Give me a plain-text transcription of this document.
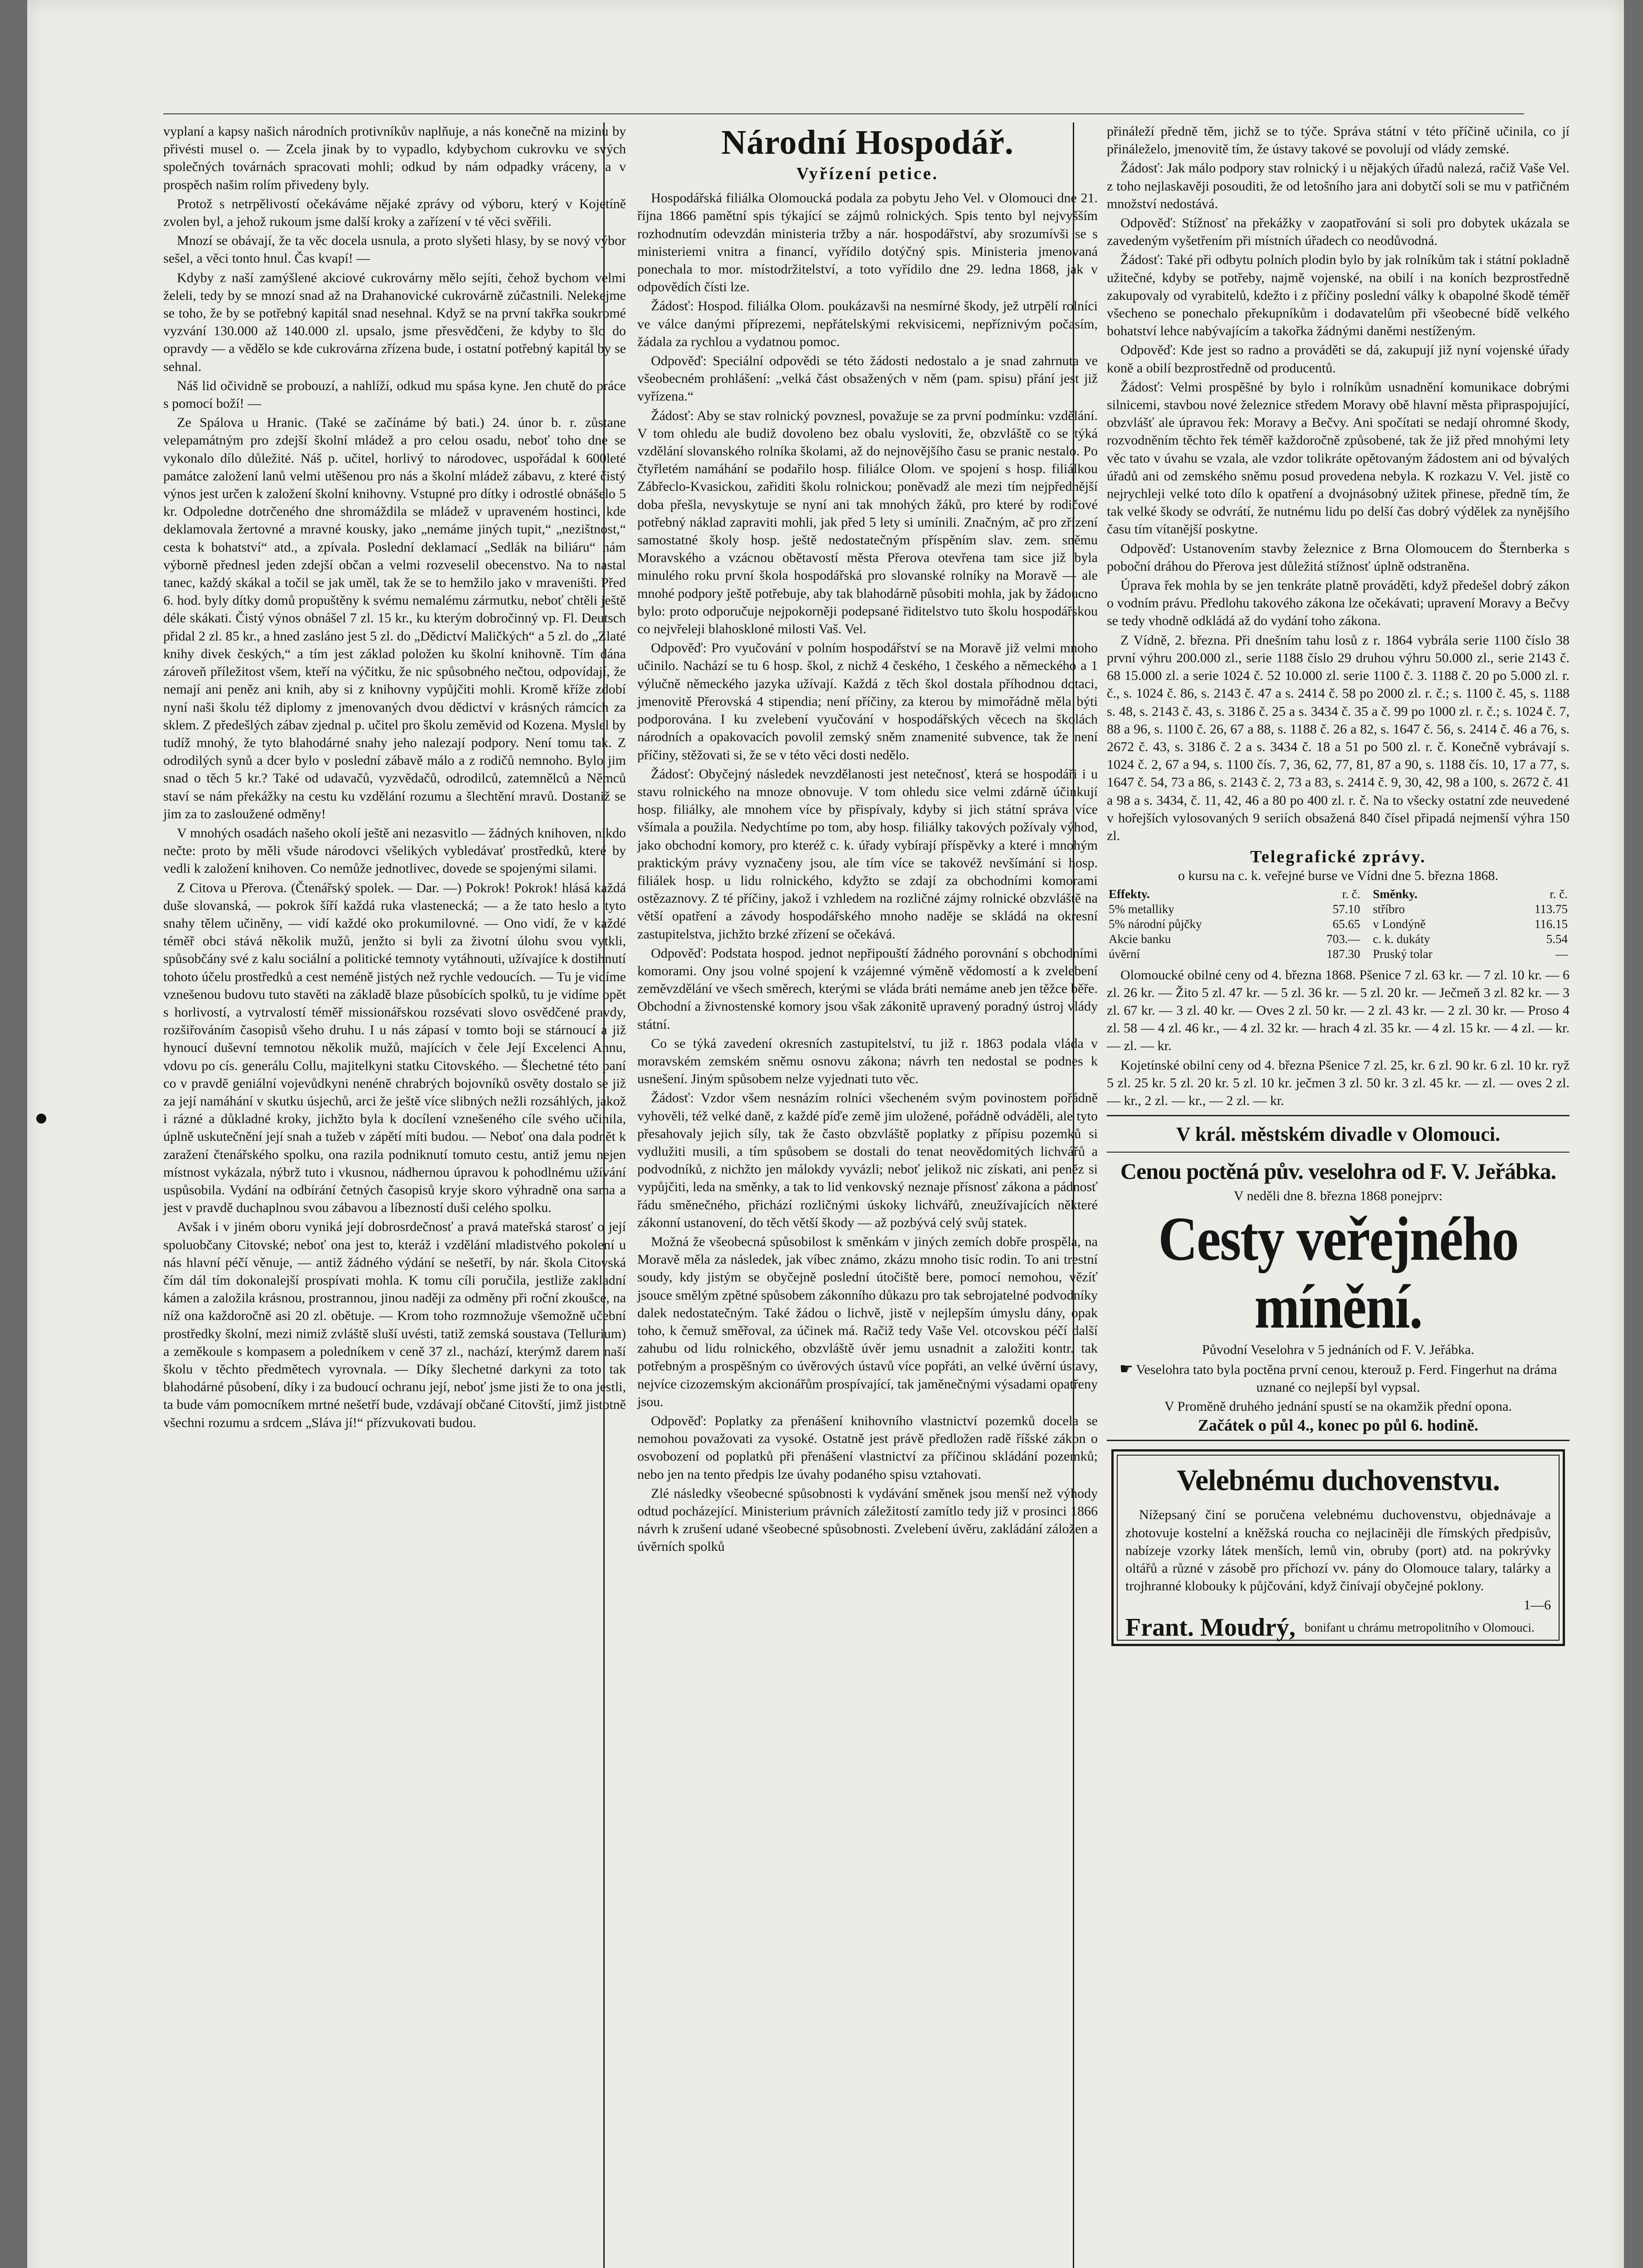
vyplaní a kapsy našich národních protivníkův naplňuje, a nás konečně na mizinu by přivésti musel o. — Zcela jinak by to vypadlo, kdybychom cukrovku ve svých společných továrnách spracovati mohli; odkud by nám odpadky vráceny, a v prospěch našim rolím přivedeny byly.

Protož s netrpělivostí očekáváme nějaké zprávy od výboru, který v Kojetíně zvolen byl, a jehož rukoum jsme další kroky a zařízení v té věci svěřili.

Mnozí se obávají, že ta věc docela usnula, a proto slyšeti hlasy, by se nový výbor sešel, a věci tonto hnul. Čas kvapí! —

Kdyby z naší zamýšlené akciové cukrovárny mělo sejíti, čehož bychom velmi želeli, tedy by se mnozí snad až na Drahanovické cukrovárně zúčastnili. Nelekejme se toho, že by se potřebný kapitál snad nesehnal. Když se na první takřka soukromé vyzvání 130.000 až 140.000 zl. upsalo, jsme přesvědčeni, že kdyby to šlo do opravdy — a vědělo se kde cukrovárna zřízena bude, i ostatní potřebný kapitál by se sehnal.

Náš lid očividně se probouzí, a nahlíží, odkud mu spása kyne. Jen chutě do práce s pomocí boží! —

Ze Spálova u Hranic. (Také se začínáme bý bati.) 24. únor b. r. zůstane velepamátným pro zdejší školní mládež a pro celou osadu, neboť toho dne se vykonalo dílo důležité. Náš p. učitel, horlivý to národovec, uspořádal k 600leté památce založení lanů velmi utěšenou pro nás a školní mládež zábavu, z které čistý výnos jest určen k založení školní knihovny. Vstupné pro dítky i odrostlé obnášelo 5 kr. Odpoledne dotrčeného dne shromáždila se mládež v upraveném hostinci, kde deklamovala žertovné a mravné kousky, jako „nemáme jiných tupit,“ „nezištnost,“ cesta k bohatství“ atd., a zpívala. Poslední deklamací „Sedlák na biliáru“ nám výborně přednesl jeden zdejší občan a velmi rozveselil obecenstvo. Na to nastal tanec, každý skákal a točil se jak uměl, tak že se to hemžilo jako v mraveništi. Před 6. hod. byly dítky domů propuštěny k svému nemalému zármutku, neboť chtěli ještě déle skákati. Čistý výnos obnášel 7 zl. 15 kr., ku kterým dobročinný vp. Fl. Deutsch přidal 2 zl. 85 kr., a hned zasláno jest 5 zl. do „Dědictví Maličkých“ a 5 zl. do „Zlaté knihy divek českých,“ a tím jest základ položen ku školní knihovně. Tím dána zároveň příležitost všem, kteří na výčitku, že nic spůsobného nečtou, odpovídají, že nemají ani peněz ani knih, aby si z knihovny vypůjčiti mohli. Kromě kříže zdobí nyní naši školu též diplomy z jmenovaných dvou dědictví v krásných rámcích za sklem. Z předešlých zábav zjednal p. učitel pro školu zeměvid od Kozena. Myslel by tudíž mnohý, že tyto blahodárné snahy jeho nalezají podpory. Není tomu tak. Z odrodilých synů a dcer bylo v poslední zábavě málo a z rodičů nemnoho. Bylo jim snad o těch 5 kr.? Také od udavačů, vyzvědačů, odrodilců, zatemnělců a Němců staví se nám překážky na cestu ku vzdělání rozumu a šlechtění mravů. Dostaniž se jim za to zasloužené odměny!

V mnohých osadách našeho okolí ještě ani nezasvitlo — žádných knihoven, nikdo nečte: proto by měli všude národovci všelikých vybledávať prostředků, které by vedli k založení knihoven. Co nemůže jednotlivec, dovede se spojenými silami.

Z Citova u Přerova. (Čtenářský spolek. — Dar. —) Pokrok! Pokrok! hlásá každá duše slovanská, — pokrok šíří každá ruka vlastenecká; — a že tato heslo a tyto snahy tělem učiněny, — vidí každé oko prokumilovné. — Ono vidí, že v každé téměř obci stává několik mužů, jenžto si byli za životní úlohu svou vytkli, spůsobčány své z kalu sociální a politické temnoty vytáhnouti, užívajíce k dostihnutí tohoto účelu prostředků a cest neméně jistých než rychle vedoucích. — Tu je vidíme vznešenou budovu tuto stavěti na základě blaze působících spolků, tu je vidíme opět s horlivostí, a vytrvalostí téměř missionářskou rozsévati slovo osvědčené pravdy, rozšiřováním časopisů všeho druhu. I u nás zápasí v tomto boji se stárnoucí a již hynoucí duševní temnotou několik mužů, majících v čele Její Excelenci Annu, vdovu po cís. generálu Collu, majitelkyni statku Citovského. — Šlechetné této paní co v pravdě geniální vojevůdkyni nenéně chrabrých bojovníků osvěty dostalo se již za její namáhání v skutku úsjechů, arci že ještě více slibných nežli rozsáhlých, jakož i rázné a důkladné kroky, jichžto byla k docílení vznešeného cíle svého učinila, úplně uskutečnění její snah a tužeb v zápětí míti budou. — Neboť ona dala podnět k zaražení čtenářského spolku, ona razila podniknutí tomuto cestu, antiž jemu nejen místnost vykázala, nýbrž tuto i vkusnou, nádhernou úpravou k pohodlnému užívání uspůsobila. Vydání na odbírání četných časopisů kryje skoro výhradně ona sama a jest v pravdě duchaplnou svou zábavou a líbezností duši celého spolku.

Avšak i v jiném oboru vyniká její dobrosrdečnosť a pravá mateřská starosť o její spoluobčany Citovské; neboť ona jest to, kteráž i vzdělání mladistvého pokolení u nás hlavní péčí věnuje, — antiž žádného výdání se nešetří, by nár. škola Citovská čím dál tím dokonalejší prospívati mohla. K tomu cíli poručila, jestliže zakladní kámen a založila krásnou, prostrannou, jinou naději za odměny při roční zkoušce, na níž ona každoročně asi 20 zl. obětuje. — Krom toho rozmnožuje všemožně učební prostředky školní, mezi nimiž zvláště sluší uvésti, tatiž zemská soustava (Tellurium) a zeměkoule s kompasem a poledníkem v ceně 37 zl., nachází, kterýmž darem naší školu v těchto předmětech vyrovnala. — Díky šlechetné darkyni za toto tak blahodárné působení, díky i za budoucí ochranu její, neboť jsme jisti že to ona jestli, ta bude vám pomocníkem mrtné nešetří bude, vzdávají občané Citovští, jimž jistotně všechni rozumu a srdcem „Sláva jí!“ přízvukovati budou.

Národní Hospodář.
Vyřízení petice.

Hospodářská filiálka Olomoucká podala za pobytu Jeho Vel. v Olomouci dne 21. října 1866 pamětní spis týkající se zájmů rolnických. Spis tento byl nejvyšším rozhodnutím odevzdán ministeria tržby a nár. hospodářství, aby srozumívši se s ministeriemi vnitra a financí, vyřídilo dotýčný spis. Ministeria jmenovaná ponechala to mor. místodržitelství, a toto vyřídilo dne 29. ledna 1868, jak v odpovědích čísti lze.

Žádosť: Hospod. filiálka Olom. poukázavši na nesmírné škody, jež utrpělí rolníci ve válce danými příprezemi, nepřátelskými rekvisicemi, nepříznivým počasím, žádala za rychlou a vydatnou pomoc.

Odpověď: Speciální odpovědi se této žádosti nedostalo a je snad zahrnuta ve všeobecném prohlášení: „velká část obsažených v něm (pam. spisu) přání jest již vyřízena.“

Žádosť: Aby se stav rolnický povznesl, považuje se za první podmínku: vzdělání. V tom ohledu ale budiž dovoleno bez obalu vysloviti, že, obzvláště co se týká vzdělání slovanského rolníka školami, až do nejnovějšího času se pranic nestalo. Po čtyřletém namáhání se podařilo hosp. filiálce Olom. ve spojení s hosp. filiálkou Zábřeclo-Kvasickou, zařiditi školu rolnickou; poněvadž ale mezi tím nejpřednější doba přešla, nevyskytuje se nyní ani tak mnohých žáků, pro které by rodičové potřebný náklad zapraviti mohli, jak před 5 lety si umínili. Značným, ač pro zřízení samostatné školy hosp. ještě nedostatečným příspěním slav. zem. sněmu Moravského a vzácnou obětavostí města Přerova otevřena tam sice již byla minulého roku první škola hospodářská pro slovanské rolníky na Moravě — ale mnohé podpory ještě potřebuje, aby tak blahodárně působiti mohla, jak by žádoucno bylo: proto odporučuje nejpokorněji podepsané řiditelstvo tuto školu hospodářskou co nejvřeleji blahoskloné milosti Vaš. Vel.

Odpověď: Pro vyučování v polním hospodářství se na Moravě již velmi mnoho učinilo. Nachází se tu 6 hosp. škol, z nichž 4 českého, 1 českého a německého a 1 výlučně německého jazyka užívají. Každá z těch škol dostala příhodnou dotaci, jmenovitě Přerovská 4 stipendia; není příčiny, za kterou by mimořádně měla býti podporována. I ku zvelebení vyučování v hospodářských věcech na školách národních a opakovacích povolil zemský sněm znamenité subvence, tak že není příčiny, stěžovati si, že se v této věci dosti nedělo.

Žádosť: Obyčejný následek nevzdělanosti jest netečnosť, která se hospodáři i u stavu rolnického na mnoze obnovuje. V tom ohledu sice velmi zdárně účinkují hosp. filiálky, ale mnohem více by přispívaly, kdyby si jich státní správa více všímala a použila. Nedychtíme po tom, aby hosp. filiálky takových požívaly výhod, jako obchodní komory, pro kteréž c. k. úřady vybírají příspěvky a které i mnohým praktickým právy vyznačeny jsou, ale tím více se takovéž nevšímání si hosp. filiálek hosp. u lidu rolnického, kdyžto se zdají za obchodními komorami ostězaznovy. Z té příčiny, jakož i vzhledem na rozličné zájmy rolnické obzvláště na větší opatření a závody hospodářského mnoho naděje se skládá na okresní zastupitelstva, jichžto brzké zřízení se očekává.

Odpověď: Podstata hospod. jednot nepřipouští žádného porovnání s obchodními komorami. Ony jsou volné spojení k vzájemné výměně vědomostí a k zvelebení zeměvzdělání ve všech směrech, kterými se vláda bráti nemáme aneb jen těžce běře. Obchodní a živnostenské komory jsou však zákonitě upravený poradný ústroj vlády státní.

Co se týká zavedení okresních zastupitelství, tu již r. 1863 podala vláda v moravském zemském sněmu osnovu zákona; návrh ten nedostal se podnes k usnešení. Jiným spůsobem nelze vyjednati tuto věc.

Žádosť: Vzdor všem nesnázím rolníci všecheném svým povinostem pořádně vyhověli, též velké daně, z každé píďe země jim uložené, pořádně odváděli, ale tyto přesahovaly jejich síly, tak že často obzvláště poplatky z přípisu pozemků si vydlužiti musili, a tím spůsobem se dostali do tenat neovědomitých lichvářů a podvodníků, z nichžto jen málokdy vyvázli; neboť jelikož nic získati, ani peněz si vypůjčiti, leda na směnky, a tak to lid venkovský neznaje přísnosť zákona a pádnosť řádu směnečného, přichází rozličnými úskoky lichvářů, zneužívajících některé zákonní ustanovení, do těch větší škody — až pozbývá celý svůj statek.

Možná že všeobecná spůsobilost k směnkám v jiných zemích dobře prospěla, na Moravě měla za následek, jak víbec známo, zkázu mnoho tisíc rodin. To ani trestní soudy, kdy jistým se obyčejně poslední útočiště bere, pomocí nemohou, vězíť jsouce smělým zpětné spůsobem zákonního důkazu pro tak sebrojatelné podvodníky dalek nedostatečným. Také žádou o lichvě, jistě v nejlepším úmyslu dány, opak toho, k čemuž směřoval, za účinek má. Račiž tedy Vaše Vel. otcovskou péčí další zahubu od lidu rolnického, obzvláště úvěr jemu usnadnit a založiti kontr. tak potřebným a prospěšným co úvěrových ústavů více popřáti, an velké úvěrní ústavy, nejvíce cizozemským akcionářům prospívající, tak jaměnečnými výsadami opatřeny jsou.

Odpověď: Poplatky za přenášení knihovního vlastnictví pozemků docela se nemohou považovati za vysoké. Ostatně jest právě předložen radě říšské zákon o osvobození od poplatků při přenášení vlastnictví za příčinou skládání pozemků; nebo jen na tento předpis lze úvahy podaného spisu vztahovati.

Zlé následky všeobecné spůsobnosti k vydávání směnek jsou menší než výhody odtud pocházející. Ministerium právních záležitostí zamítlo tedy již v prosinci 1866 návrh k zrušení udané všeobecné spůsobnosti. Zvelebení úvěru, zakládání záložen a úvěrních spolků

přináleží předně těm, jichž se to týče. Správa státní v této příčině učinila, co jí přináleželo, jmenovitě tím, že ústavy takové se povolují od vlády zemské.

Žádosť: Jak málo podpory stav rolnický i u nějakých úřadů nalezá, račiž Vaše Vel. z toho nejlaskavěji posouditi, že od letošního jara ani dobytčí soli se mu v patřičném množství nedostává.

Odpověď: Stížnosť na překážky v zaopatřování si soli pro dobytek ukázala se zavedeným vyšetřením při místních úřadech co neodůvodná.

Žádosť: Také při odbytu polních plodin bylo by jak rolníkům tak i státní pokladně užitečné, kdyby se potřeby, najmě vojenské, na obilí i na koních bezprostředně zakupovaly od vyrabitelů, kdežto i z příčiny poslední války k obapolné škodě téměř všecheno se ponechalo překupníkům i dodavatelům při všeobecné bídě velkého bohatství lehce nabývajícím a takořka žádnými daněmi nestíženým.

Odpověď: Kde jest so radno a prováděti se dá, zakupují již nyní vojenské úřady koně a obilí bezprostředně od producentů.

Žádosť: Velmi prospěšné by bylo i rolníkům usnadnění komunikace dobrými silnicemi, stavbou nové železnice středem Moravy obě hlavní města připraspojující, obzvlášť ale úpravou řek: Moravy a Bečvy. Ani spočítati se nedají ohromné škody, rozvodněním těchto řek téměř každoročně způsobené, tak že již před mnohými lety věc tato v úvahu se vzala, ale vzdor tolikráte opětovaným žádostem ani od bývalých úřadů ani od zemského sněmu posud provedena nebyla. K rozkazu V. Vel. jistě co nejrychleji velké toto dílo k opatření a dvojnásobný užitek přinese, předně tím, že tak velké škody se odvrátí, že nutnému lidu po delší čas dobrý výdělek za nynějšího času tím vítanější poskytne.

Odpověď: Ustanovením stavby železnice z Brna Olomoucem do Šternberka s poboční dráhou do Přerova jest důležitá stížnosť úplně odstraněna.

Úprava řek mohla by se jen tenkráte platně prováděti, když předešel dobrý zákon o vodním právu. Předlohu takového zákona lze očekávati; upravení Moravy a Bečvy se tedy vhodně odkládá až do vydání toho zákona.

Z Vídně, 2. března. Při dnešním tahu losů z r. 1864 vybrála serie 1100 číslo 38 první výhru 200.000 zl., serie 1188 číslo 29 druhou výhru 50.000 zl., serie 2143 č. 68 15.000 zl. a serie 1024 č. 52 10.000 zl. serie 1100 č. 3. 1188 č. 20 po 5.000 zl. r. č., s. 1024 č. 86, s. 2143 č. 47 a s. 2414 č. 58 po 2000 zl. r. č.; s. 1100 č. 45, s. 1188 s. 48, s. 2143 č. 43, s. 3186 č. 25 a s. 3434 č. 35 a č. 99 po 1000 zl. r. č.; s. 1024 č. 7, 88 a 96, s. 1100 č. 26, 67 a 88, s. 1188 č. 26 a 82, s. 1647 č. 56, s. 2414 č. 46 a 76, s. 2672 č. 43, s. 3186 č. 2 a s. 3434 č. 18 a 51 po 500 zl. r. č. Konečně vybrávají s. 1024 č. 2, 67 a 94, s. 1100 čís. 7, 36, 62, 77, 81, 87 a 90, s. 1188 čís. 10, 17 a 77, s. 1647 č. 54, 73 a 86, s. 2143 č. 2, 73 a 83, s. 2414 č. 9, 30, 42, 98 a 100, s. 2672 č. 41 a 98 a s. 3434, č. 11, 42, 46 a 80 po 400 zl. r. č. Na to všecky ostatní zde neuvedené v hořejších vylosovaných 9 seriích obsažená 840 čísel připadá nejmenší výhra 150 zl.

Telegrafické zprávy.

o kursu na c. k. veřejné burse ve Vídni dne 5. března 1868.

Effekty.	r. č.	Směnky.	r. č.
5% metalliky	57.10	stříbro	113.75
5% národní půjčky	65.65	v Londýně	116.15
Akcie banku	703.—	c. k. dukáty	5.54
úvěrní	187.30	Pruský tolar	—

Olomoucké obilné ceny od 4. března 1868. Pšenice 7 zl. 63 kr. — 7 zl. 10 kr. — 6 zl. 26 kr. — Žito 5 zl. 47 kr. — 5 zl. 36 kr. — 5 zl. 20 kr. — Ječmeň 3 zl. 82 kr. — 3 zl. 67 kr. — 3 zl. 40 kr. — Oves 2 zl. 50 kr. — 2 zl. 43 kr. — 2 zl. 30 kr. — Proso 4 zl. 58 — 4 zl. 46 kr., — 4 zl. 32 kr. — hrach 4 zl. 35 kr. — 4 zl. 15 kr. — 4 zl. — kr. — zl. — kr.

Kojetínské obilní ceny od 4. března Pšenice 7 zl. 25, kr. 6 zl. 90 kr. 6 zl. 10 kr. ryž 5 zl. 25 kr. 5 zl. 20 kr. 5 zl. 10 kr. ječmen 3 zl. 50 kr. 3 zl. 45 kr. — zl. — oves 2 zl. — kr., 2 zl. — kr., — 2 zl. — kr.

V král. městském divadle v Olomouci.
Cenou poctěná pův. veselohra od F. V. Jeřábka.

V neděli dne 8. března 1868 ponejprv:

Cesty veřejného mínění.

Původní Veselohra v 5 jednáních od F. V. Jeřábka.

☛ Veselohra tato byla poctěna první cenou, kterouž p. Ferd. Fingerhut na dráma uznané co nejlepší byl vypsal.

V Proměně druhého jednání spustí se na okamžik přední opona.

Začátek o půl 4., konec po půl 6. hodině.

Velebnému duchovenstvu.

Nížepsaný činí se poručena velebnému duchovenstvu, objednávaje a zhotovuje kostelní a kněžská roucha co nejlaciněji dle římských předpisův, nabízeje vzorky látek menších, lemů vin, obruby (port) atd. na pokrývky oltářů a různé v zásobě pro příchozí vv. pány do Olomouce talary, talárky a trojhranné klobouky k půjčování, když činívají obyčejné poklony.

1—6

Frant. Moudrý, bonifant u chrámu metropolitního v Olomouci.
